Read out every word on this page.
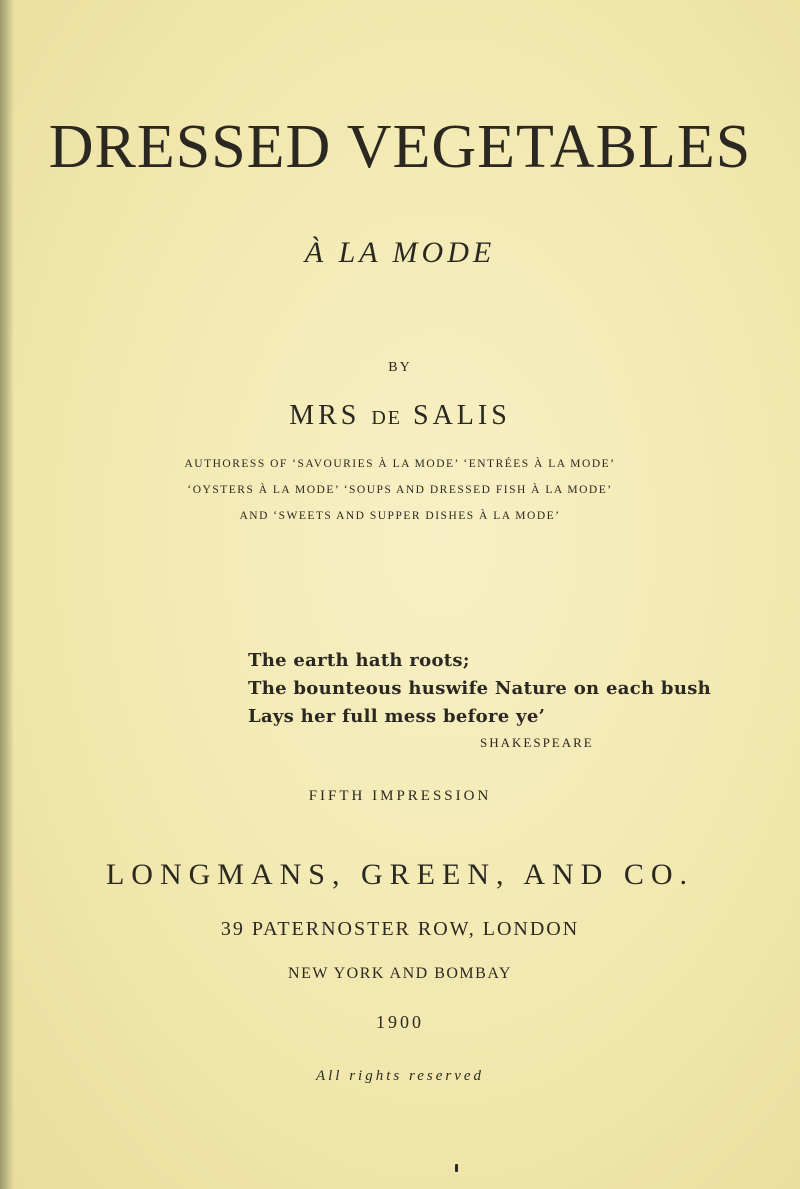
DRESSED VEGETABLES
À LA MODE
BY
MRS DE SALIS
AUTHORESS OF ‘SAVOURIES À LA MODE’ ‘ENTRÉES À LA MODE’
‘OYSTERS À LA MODE’ ‘SOUPS AND DRESSED FISH À LA MODE’
AND ‘SWEETS AND SUPPER DISHES À LA MODE’
The earth hath roots;
The bounteous huswife Nature on each bush
Lays her full mess before ye’
SHAKESPEARE
FIFTH IMPRESSION
LONGMANS, GREEN, AND CO.
39 PATERNOSTER ROW, LONDON
NEW YORK AND BOMBAY
1900
All rights reserved
